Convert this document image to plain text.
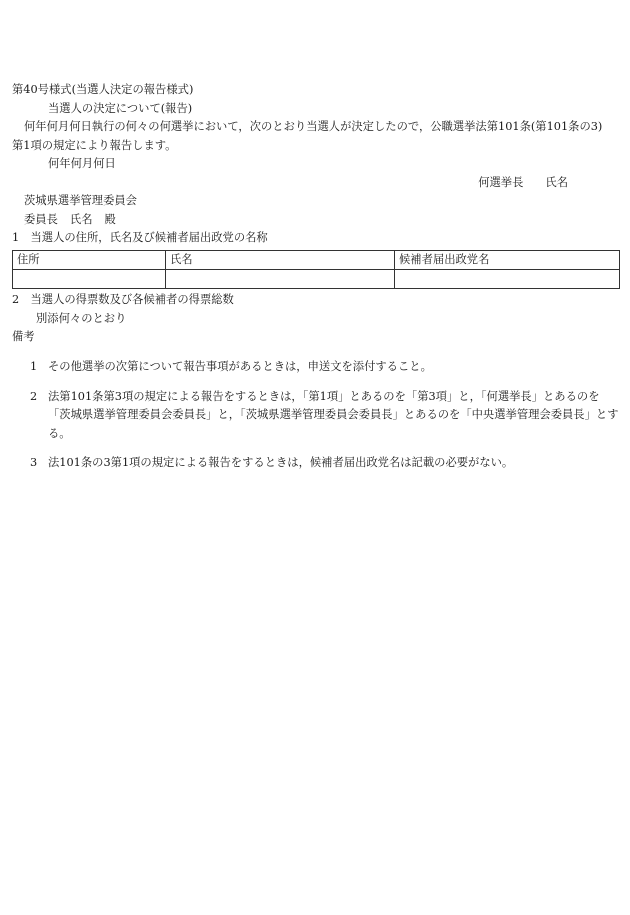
第40号様式(当選人決定の報告様式)

当選人の決定について(報告)

何年何月何日執行の何々の何選挙において，次のとおり当選人が決定したので，公職選挙法第101条(第101条の3)
第1項の規定により報告します。

何年何月何日

何選挙長 氏名

茨城県選挙管理委員会

委員長 氏名 殿

1　当選人の住所，氏名及び候補者届出政党の名称

住所	氏名	候補者届出政党名

2　当選人の得票数及び各候補者の得票総数

別添何々のとおり

備考

1 その他選挙の次第について報告事項があるときは，申送文を添付すること。

2 法第101条第3項の規定による報告をするときは，「第1項」とあるのを「第3項」と，「何選挙長」とあるのを「茨城県選挙管理委員会委員長」と，「茨城県選挙管理委員会委員長」とあるのを「中央選挙管理会委員長」とする。

3 法101条の3第1項の規定による報告をするときは，候補者届出政党名は記載の必要がない。
